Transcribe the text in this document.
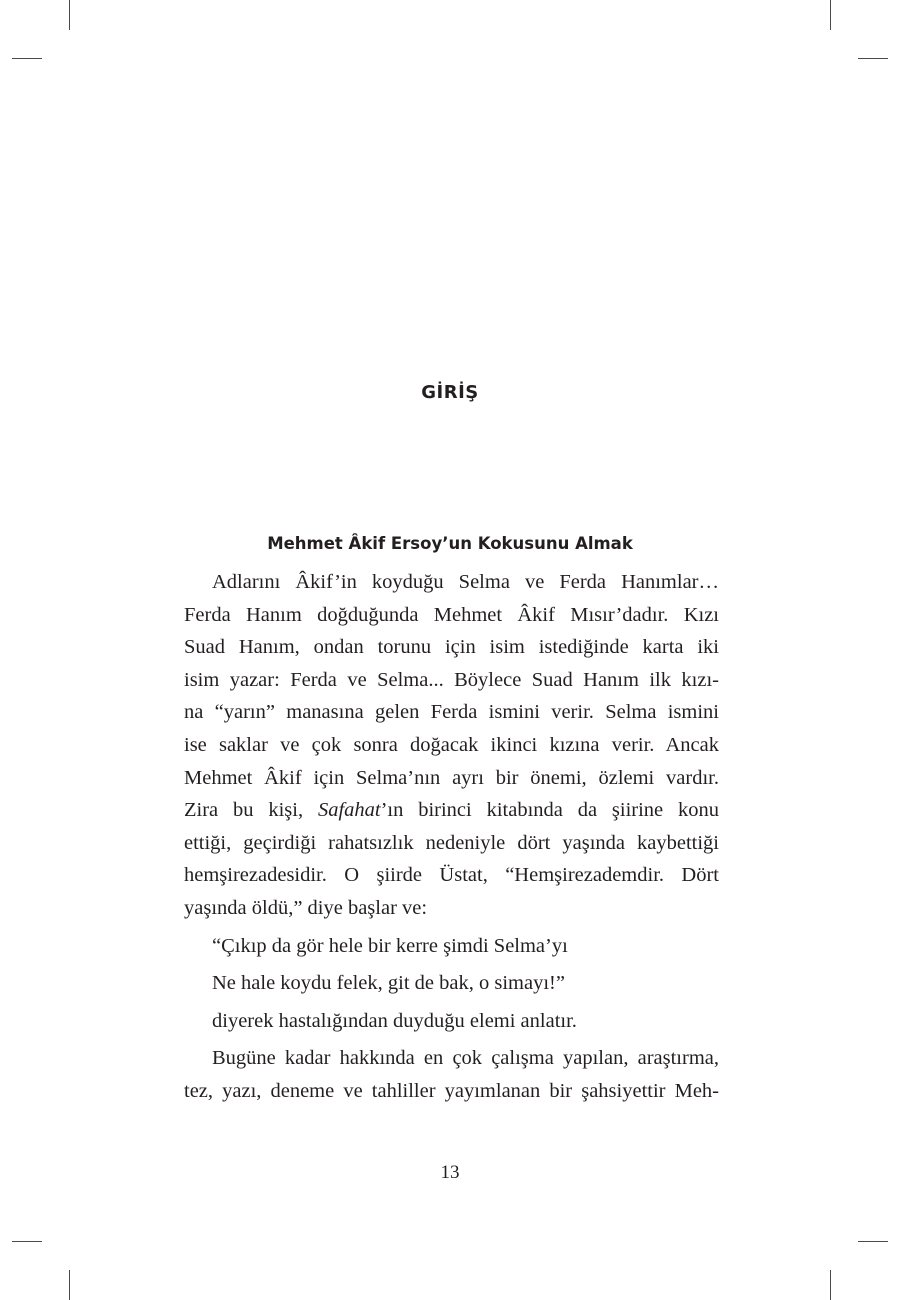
GİRİŞ
Mehmet Âkif Ersoy’un Kokusunu Almak
Adlarını Âkif’in koyduğu Selma ve Ferda Hanımlar…
Ferda Hanım doğduğunda Mehmet Âkif Mısır’dadır. Kızı
Suad Hanım, ondan torunu için isim istediğinde karta iki
isim yazar: Ferda ve Selma... Böylece Suad Hanım ilk kızı-
na “yarın” manasına gelen Ferda ismini verir. Selma ismini
ise saklar ve çok sonra doğacak ikinci kızına verir. Ancak
Mehmet Âkif için Selma’nın ayrı bir önemi, özlemi vardır.
Zira bu kişi, Safahat’ın birinci kitabında da şiirine konu
ettiği, geçirdiği rahatsızlık nedeniyle dört yaşında kaybettiği
hemşirezadesidir. O şiirde Üstat, “Hemşirezademdir. Dört
yaşında öldü,” diye başlar ve:
“Çıkıp da gör hele bir kerre şimdi Selma’yı
Ne hale koydu felek, git de bak, o simayı!”
diyerek hastalığından duyduğu elemi anlatır.
Bugüne kadar hakkında en çok çalışma yapılan, araştırma,
tez, yazı, deneme ve tahliller yayımlanan bir şahsiyettir Meh-
13
